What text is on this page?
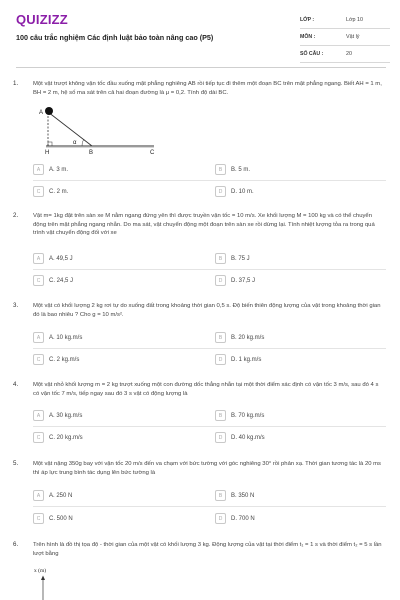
QUIZIZZ
100 câu trắc nghiệm Các định luật bảo toàn nâng cao (P5)
LỚP :	Lớp 10
MÔN :	Vật lý
SỐ CÂU :	20
1.	Một vật trượt không vận tốc đầu xuống mặt phẳng nghiêng AB rồi tiếp tục đi thêm một đoạn BC trên mặt phẳng ngang. Biết AH = 1 m, BH = 2 m, hệ số ma sát trên cả hai đoạn đường là μ = 0,2. Tính độ dài BC.
A
α
H	B	C
A	A. 3 m.	B	B. 5 m.
C	C. 2 m.	D	D. 10 m.
2.	Vật m= 1kg đặt trên sàn xe M nằm ngang đứng yên thì được truyền vận tốc = 10 m/s. Xe khối lượng M = 100 kg và có thể chuyển động trên mặt phẳng ngang nhẵn. Do ma sát, vật chuyển động một đoạn trên sàn xe rồi dừng lại. Tính nhiệt lượng tỏa ra trong quá trình vật chuyển động đối với xe
A	A. 49,5 J	B	B. 75 J
C	C. 24,5 J	D	D. 37,5 J
3.	Một vật có khối lượng 2 kg rơi tự do xuống đất trong khoảng thời gian 0,5 s. Độ biến thiên động lượng của vật trong khoảng thời gian đó là bao nhiêu ? Cho g = 10 m/s².
A	A. 10 kg.m/s	B	B. 20 kg.m/s
C	C. 2 kg.m/s	D	D. 1 kg.m/s
4.	Một vật nhỏ khối lượng m = 2 kg trượt xuống một con đường dốc thẳng nhẵn tại một thời điểm xác định có vận tốc 3 m/s, sau đó 4 s có vận tốc 7 m/s, tiếp ngay sau đó 3 s vật có động lượng là
A	A. 30 kg.m/s	B	B. 70 kg.m/s
C	C. 20 kg.m/s	D	D. 40 kg.m/s
5.	Một vật nặng 350g bay với vận tốc 20 m/s đến va chạm với bức tường với góc nghiêng 30° rồi phản xạ. Thời gian tương tác là 20 ms thì áp lực trung bình tác dụng lên bức tường là
A	A. 250 N	B	B. 350 N
C	C. 500 N	D	D. 700 N
6.	Trên hình là đồ thị tọa độ - thời gian của một vật có khối lượng 3 kg. Động lượng của vật tại thời điểm t₁ = 1 s và thời điểm t₂ = 5 s lần lượt bằng
x (m)
